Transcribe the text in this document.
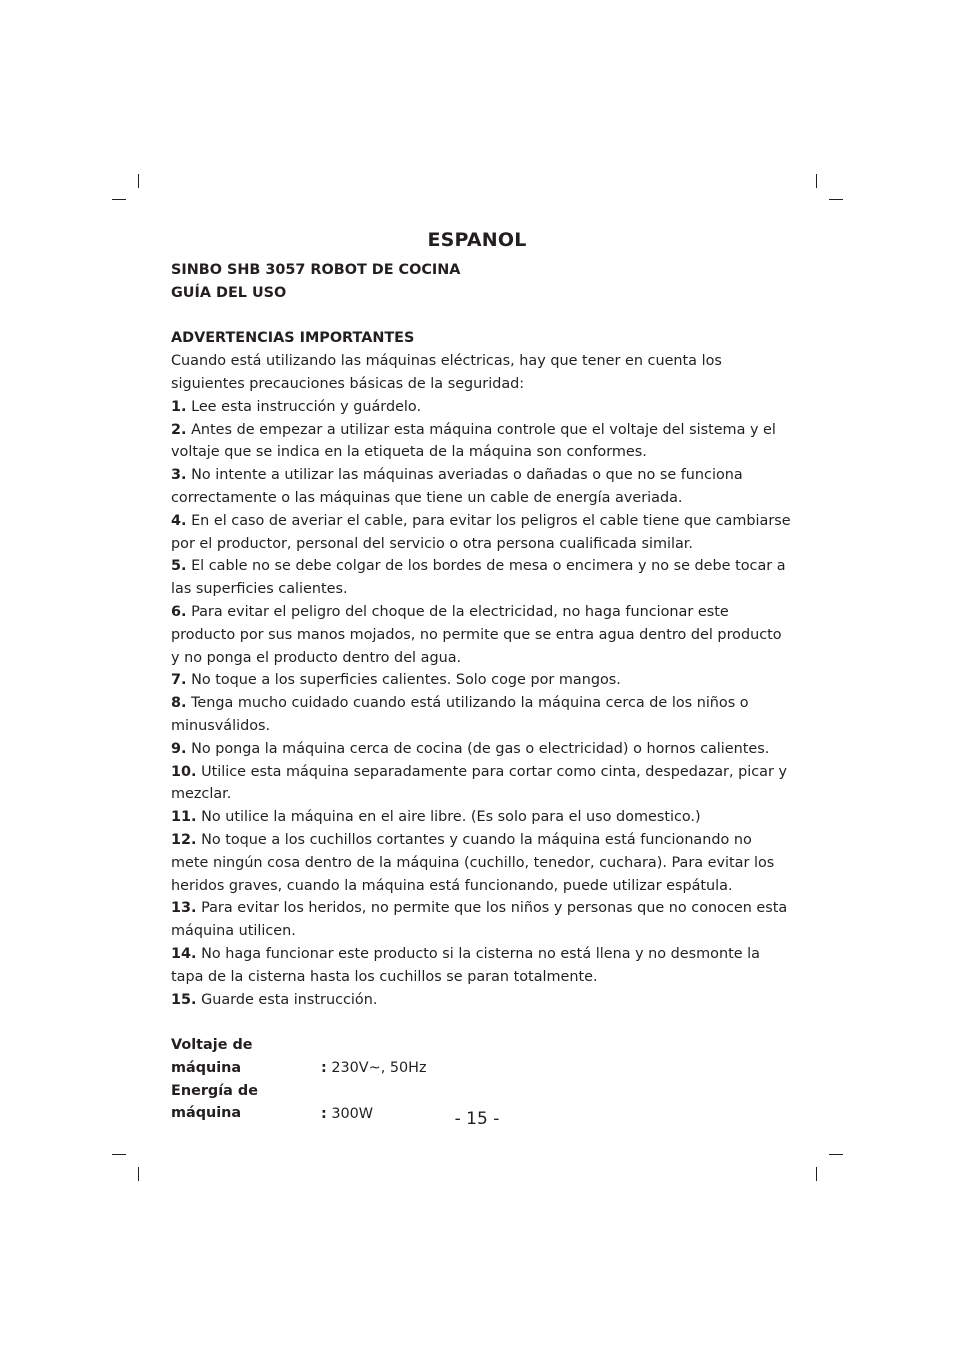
ESPANOL

SINBO SHB 3057 ROBOT DE COCINA

GUÍA DEL USO

ADVERTENCIAS IMPORTANTES

Cuando está utilizando las máquinas eléctricas, hay que tener en cuenta los siguientes precauciones básicas de la seguridad:

1. Lee esta instrucción y guárdelo.

2. Antes de empezar a utilizar esta máquina controle que el voltaje del sistema y el voltaje que se indica en la etiqueta de la máquina son conformes.

3. No intente a utilizar las máquinas averiadas o dañadas o que no se funciona correctamente o las máquinas que tiene un cable de energía averiada.

4. En el caso de averiar el cable, para evitar los peligros el cable tiene que cambiarse por el productor, personal del servicio o otra persona cualificada similar.

5. El cable no se debe colgar de los bordes de mesa o encimera y no se debe tocar a las superficies calientes.

6. Para evitar el peligro del choque de la electricidad, no haga funcionar este producto por sus manos mojados, no permite que se entra agua dentro del producto y no ponga el producto dentro del agua.

7. No toque a los superficies calientes. Solo coge por mangos.

8. Tenga mucho cuidado cuando está utilizando la máquina cerca de los niños o minusválidos.

9. No ponga la máquina cerca de cocina (de gas o electricidad) o hornos calientes.

10. Utilice esta máquina separadamente para cortar como cinta, despedazar, picar y mezclar.

11. No utilice la máquina en el aire libre. (Es solo para el uso domestico.)

12. No toque a los cuchillos cortantes y cuando la máquina está funcionando no mete ningún cosa dentro de la máquina (cuchillo, tenedor, cuchara). Para evitar los heridos graves, cuando la máquina está funcionando, puede utilizar espátula.

13. Para evitar los heridos, no permite que los niños y personas que no conocen esta máquina utilicen.

14. No haga funcionar este producto si la cisterna no está llena y no desmonte la tapa de la cisterna hasta los cuchillos se paran totalmente.

15. Guarde esta instrucción.

Voltaje de máquina	: 230V~, 50Hz

Energía de máquina	: 300W	- 15 -
